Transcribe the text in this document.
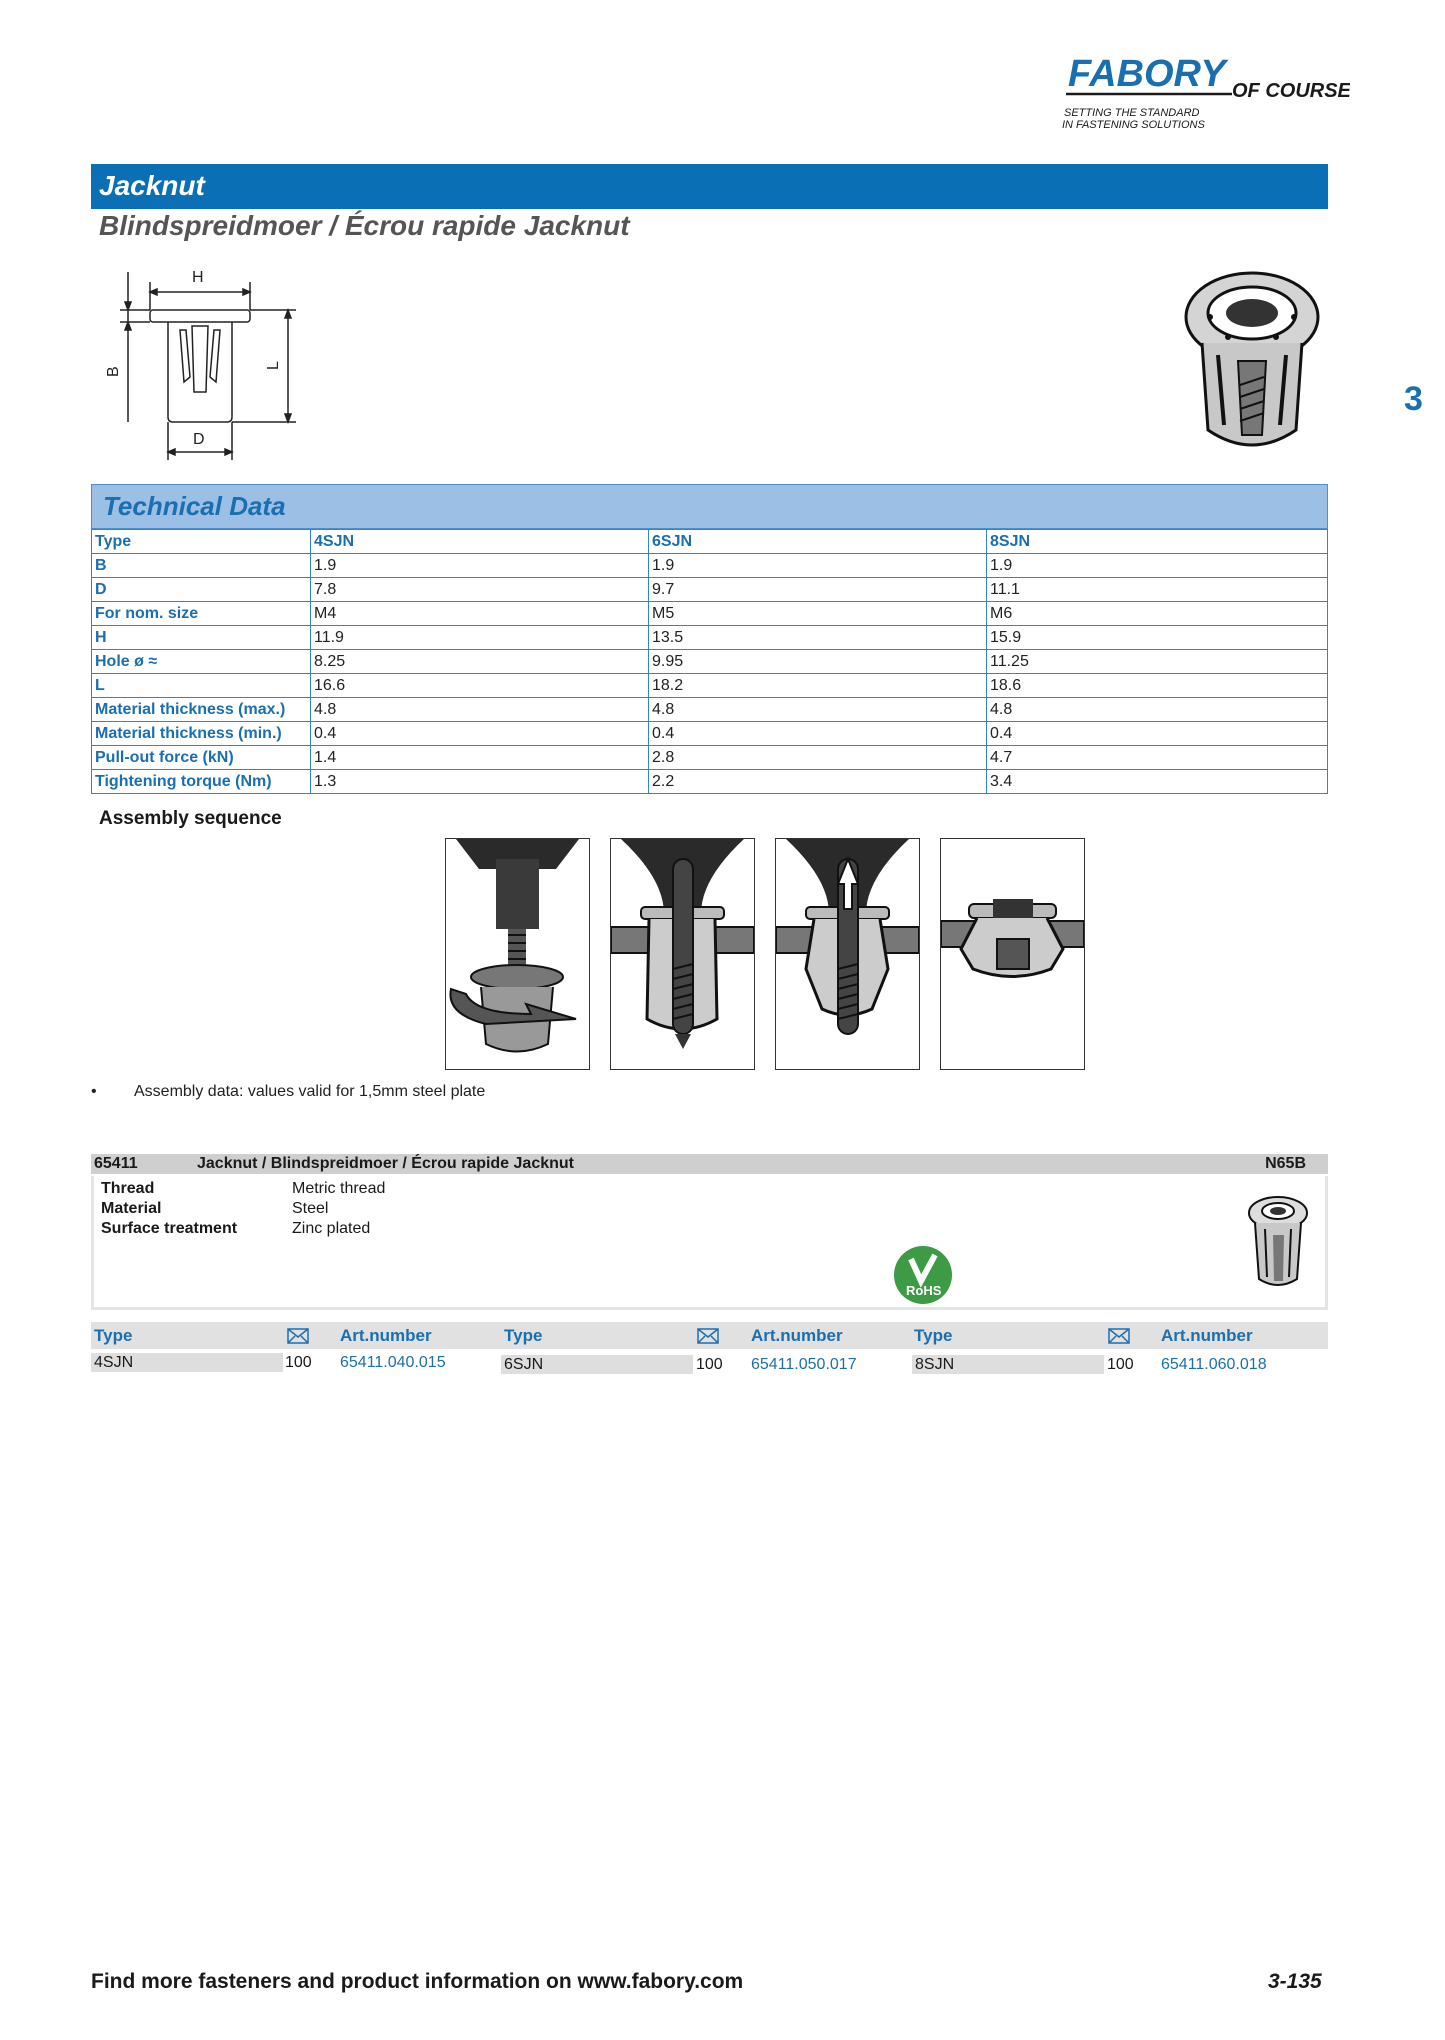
FABORY OF COURSE.
SETTING THE STANDARD
IN FASTENING SOLUTIONS
Jacknut
Blindspreidmoer / Écrou rapide Jacknut
3
H
B
L
D
Technical Data
Type	4SJN	6SJN	8SJN
B	1.9	1.9	1.9
D	7.8	9.7	11.1
For nom. size	M4	M5	M6
H	11.9	13.5	15.9
Hole ø ≈	8.25	9.95	11.25
L	16.6	18.2	18.6
Material thickness (max.)	4.8	4.8	4.8
Material thickness (min.)	0.4	0.4	0.4
Pull-out force (kN)	1.4	2.8	4.7
Tightening torque (Nm)	1.3	2.2	3.4
Assembly sequence
• Assembly data: values valid for 1,5mm steel plate
65411	Jacknut / Blindspreidmoer / Écrou rapide Jacknut	N65B
Thread	Metric thread
Material	Steel
Surface treatment	Zinc plated
RoHS
Type	Art.number	Type	Art.number	Type	Art.number
4SJN	100 65411.040.015	6SJN	100 65411.050.017	8SJN	100 65411.060.018
Find more fasteners and product information on www.fabory.com	3-135
